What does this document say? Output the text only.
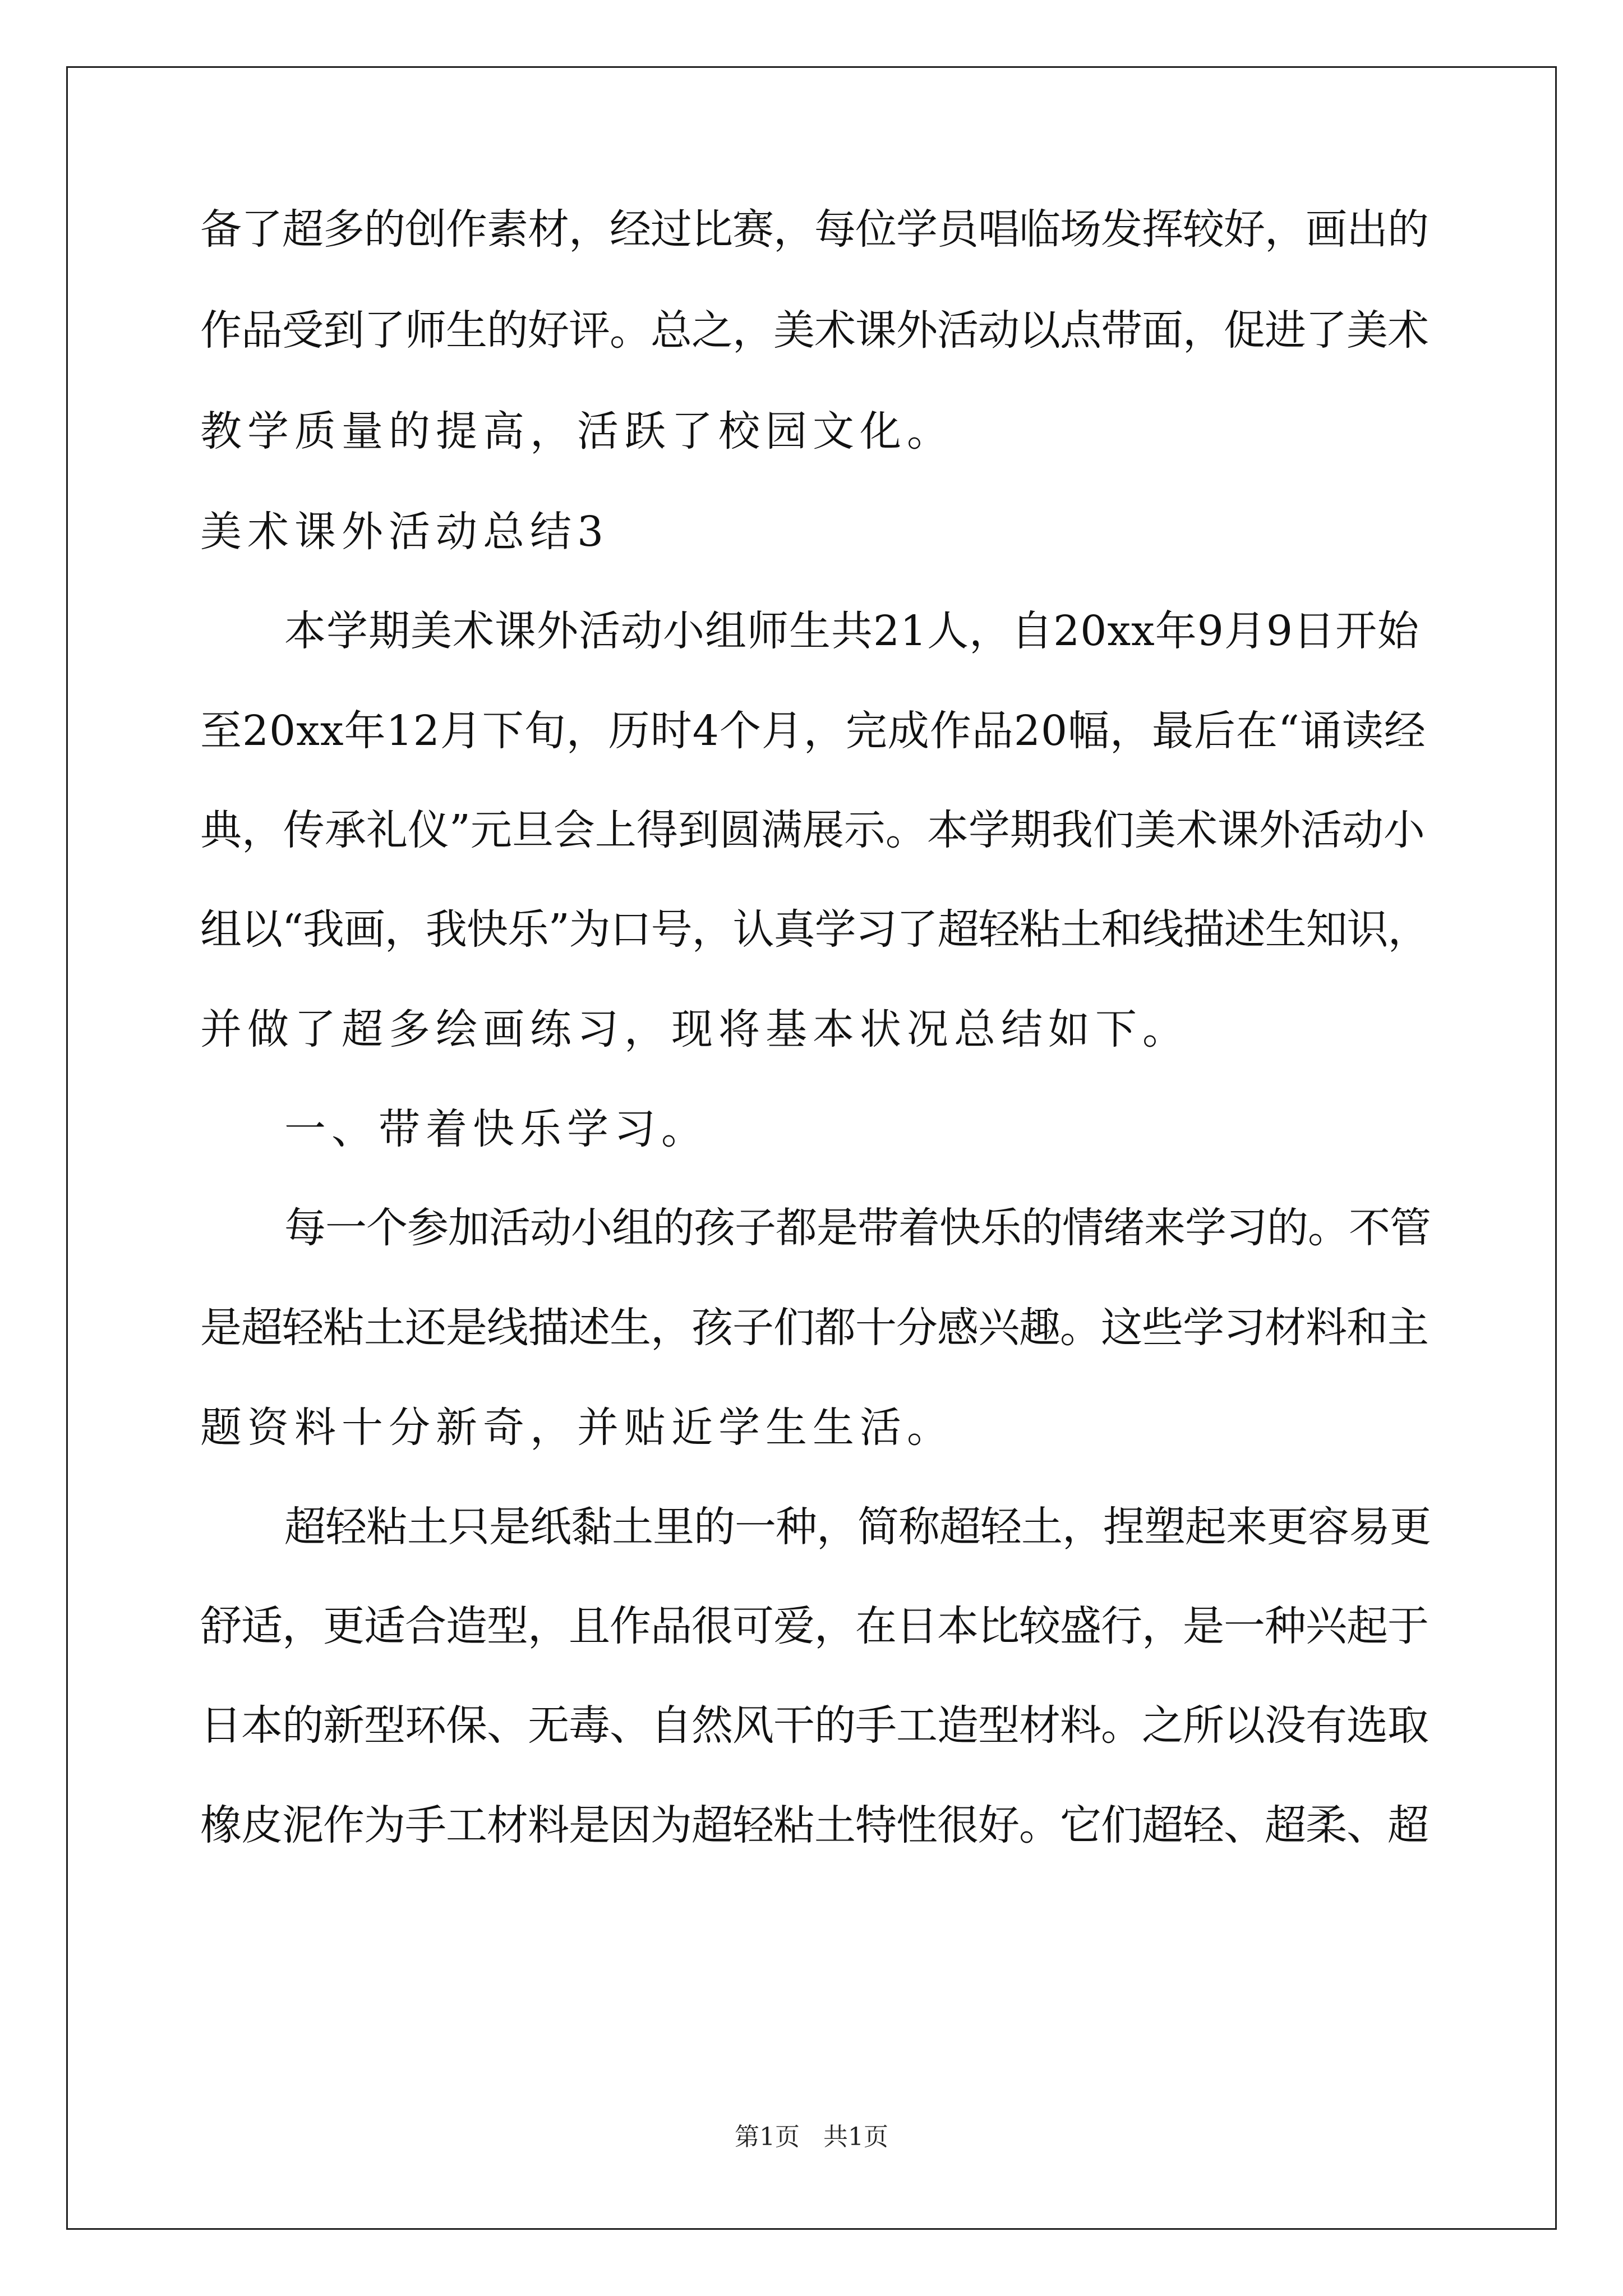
备了超多的创作素材，经过比赛，每位学员唱临场发挥较好，画出的
作品受到了师生的好评。总之，美术课外活动以点带面，促进了美术
教学质量的提高，活跃了校园文化。
美术课外活动总结3
本学期美术课外活动小组师生共21人，自20xx年9月9日开始
至20xx年12月下旬，历时4个月，完成作品20幅，最后在“诵读经
典，传承礼仪”元旦会上得到圆满展示。本学期我们美术课外活动小
组以“我画，我快乐”为口号，认真学习了超轻粘土和线描述生知识，
并做了超多绘画练习，现将基本状况总结如下。
一、带着快乐学习。
每一个参加活动小组的孩子都是带着快乐的情绪来学习的。不管
是超轻粘土还是线描述生，孩子们都十分感兴趣。这些学习材料和主
题资料十分新奇，并贴近学生生活。
超轻粘土只是纸黏土里的一种，简称超轻土，捏塑起来更容易更
舒适，更适合造型，且作品很可爱，在日本比较盛行，是一种兴起于
日本的新型环保、无毒、自然风干的手工造型材料。之所以没有选取
橡皮泥作为手工材料是因为超轻粘土特性很好。它们超轻、超柔、超
第1页   共1页
